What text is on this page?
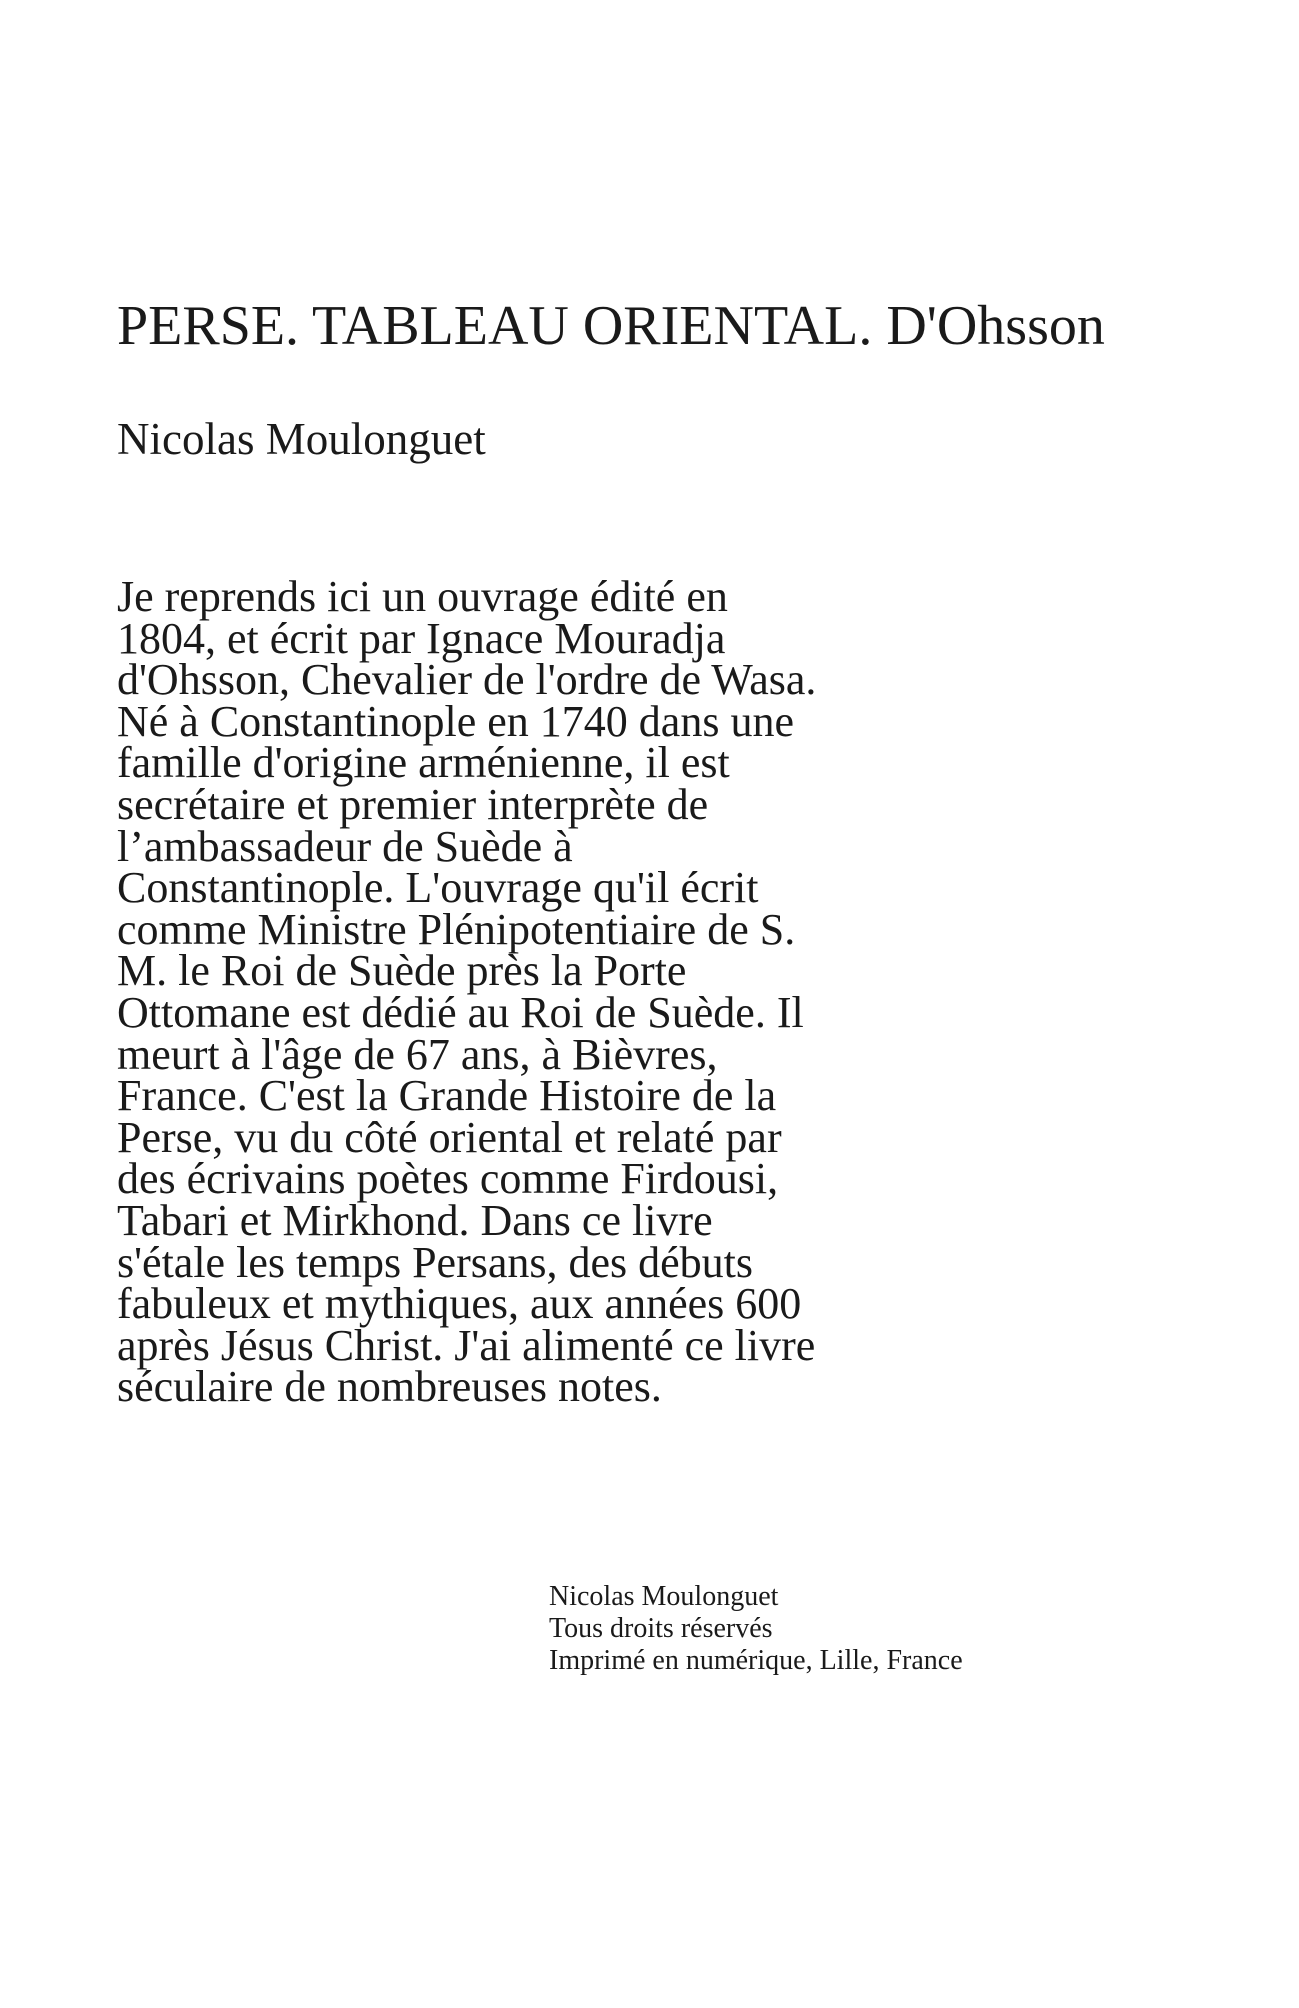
PERSE. TABLEAU ORIENTAL. D'Ohsson

Nicolas Moulonguet

Je reprends ici un ouvrage édité en
1804, et écrit par Ignace Mouradja
d'Ohsson, Chevalier de l'ordre de Wasa.
Né à Constantinople en 1740 dans une
famille d'origine arménienne, il est
secrétaire et premier interprète de
l’ambassadeur de Suède à
Constantinople. L'ouvrage qu'il écrit
comme Ministre Plénipotentiaire de S.
M. le Roi de Suède près la Porte
Ottomane est dédié au Roi de Suède. Il
meurt à l'âge de 67 ans, à Bièvres,
France. C'est la Grande Histoire de la
Perse, vu du côté oriental et relaté par
des écrivains poètes comme Firdousi,
Tabari et Mirkhond. Dans ce livre
s'étale les temps Persans, des débuts
fabuleux et mythiques, aux années 600
après Jésus Christ. J'ai alimenté ce livre
séculaire de nombreuses notes.
Nicolas Moulonguet
Tous droits réservés
Imprimé en numérique, Lille, France
